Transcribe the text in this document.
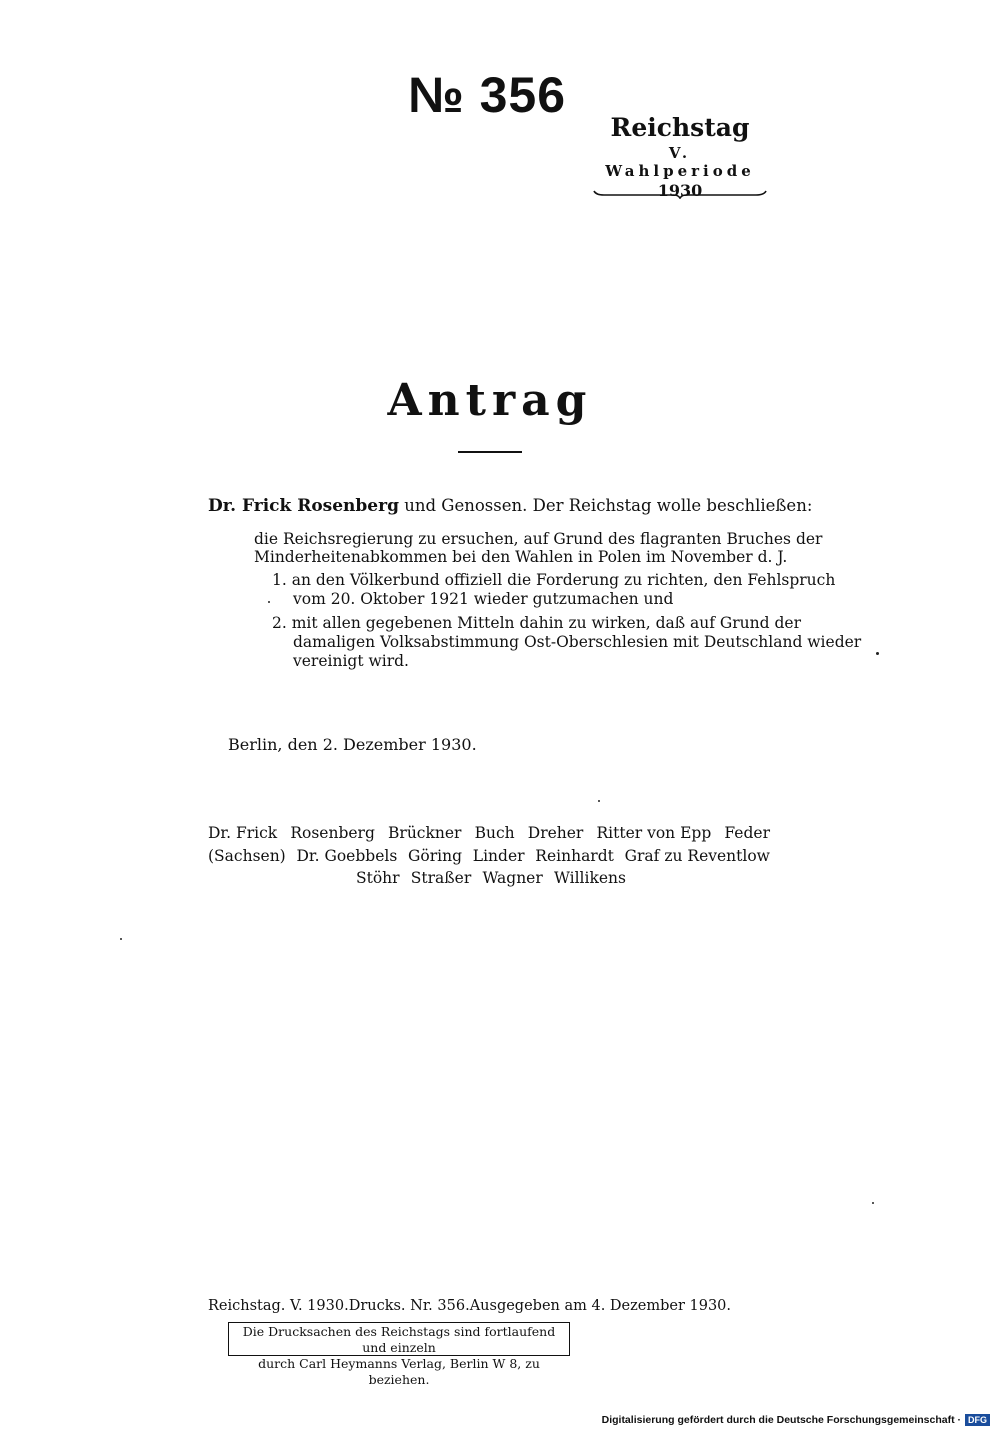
№ 356
Reichstag
V. Wahlperiode
1930
Antrag
Dr. Frick Rosenberg und Genossen. Der Reichstag wolle beschließen:
die Reichsregierung zu ersuchen, auf Grund des flagranten Bruches der
Minderheitenabkommen bei den Wahlen in Polen im November d. J.
1. an den Völkerbund offiziell die Forderung zu richten, den Fehlspruch
vom 20. Oktober 1921 wieder gutzumachen und
2. mit allen gegebenen Mitteln dahin zu wirken, daß auf Grund der
damaligen Volksabstimmung Ost-Oberschlesien mit Deutschland wieder
vereinigt wird.
Berlin, den 2. Dezember 1930.
Dr. Frick Rosenberg Brückner Buch Dreher Ritter von Epp Feder
(Sachsen) Dr. Goebbels Göring Linder Reinhardt Graf zu Reventlow
Stöhr Straßer Wagner Willikens
Reichstag. V. 1930. Drucks. Nr. 356. Ausgegeben am 4. Dezember 1930.
Die Drucksachen des Reichstags sind fortlaufend und einzeln
durch Carl Heymanns Verlag, Berlin W 8, zu beziehen.
Digitalisierung gefördert durch die Deutsche Forschungsgemeinschaft · DFG
